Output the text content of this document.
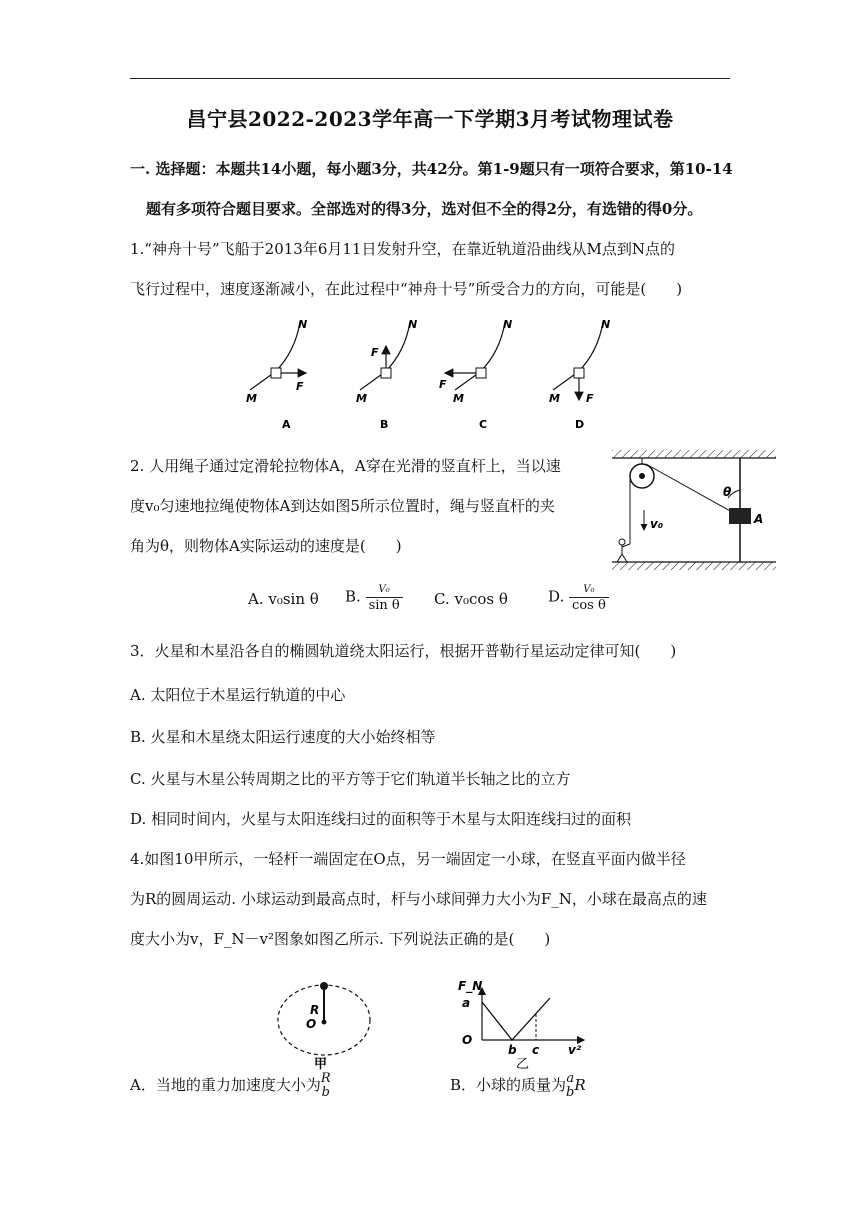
昌宁县2022-2023学年高一下学期3月考试物理试卷
一. 选择题：本题共14小题，每小题3分，共42分。第1-9题只有一项符合要求，第10-14
题有多项符合题目要求。全部选对的得3分，选对但不全的得2分，有选错的得0分。
1.“神舟十号”飞船于2013年6月11日发射升空，在靠近轨道沿曲线从M点到N点的
飞行过程中，速度逐渐减小，在此过程中“神舟十号”所受合力的方向，可能是(　　)
N
M
F
A
N
M
F
B
N
M
F
C
N
M F
D
2. 人用绳子通过定滑轮拉物体A，A穿在光滑的竖直杆上，当以速
度v₀匀速地拉绳使物体A到达如图5所示位置时，绳与竖直杆的夹
角为θ，则物体A实际运动的速度是(　　)
A
θ
v₀
A. v₀sin θ B. $\frac{\text{V₀}}{\text{sin θ}} C$. v₀cos θ	D. $\frac{\text{V₀}}{\text{cos θ}}$
3．火星和木星沿各自的椭圆轨道绕太阳运行，根据开普勒行星运动定律可知(　　)
A. 太阳位于木星运行轨道的中心
B. 火星和木星绕太阳运行速度的大小始终相等
C. 火星与木星公转周期之比的平方等于它们轨道半长轴之比的立方
D. 相同时间内，火星与太阳连线扫过的面积等于木星与太阳连线扫过的面积
4.如图10甲所示，一轻杆一端固定在O点，另一端固定一小球，在竖直平面内做半径
为R的圆周运动. 小球运动到最高点时，杆与小球间弹力大小为F_N，小球在最高点的速
度大小为v，F_N－v²图象如图乙所示. 下列说法正确的是(　　)
R
O
甲
F_N
a
O
b c v²
乙
A．当地的重力加速度大小为 R
b	B．小球的质量为 a
b R
